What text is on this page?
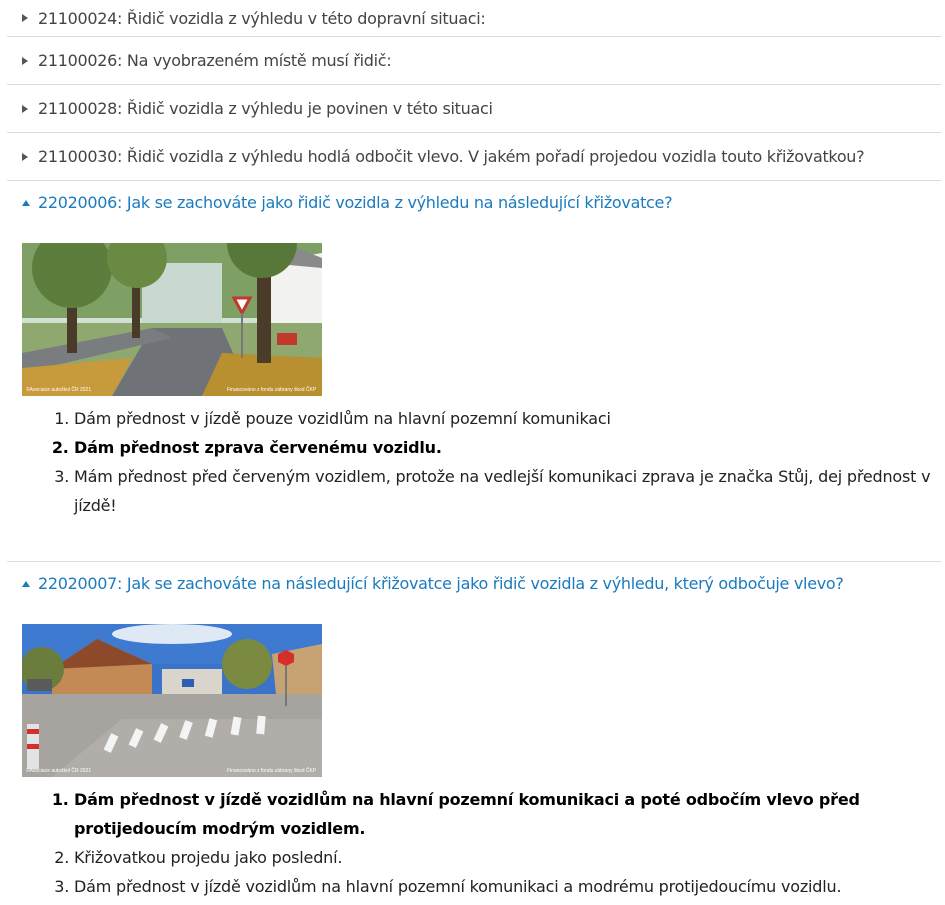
21100024: Řidič vozidla z výhledu v této dopravní situaci:
21100026: Na vyobrazeném místě musí řidič:
21100028: Řidič vozidla z výhledu je povinen v této situaci
21100030: Řidič vozidla z výhledu hodlá odbočit vlevo. V jakém pořadí projedou vozidla touto křižovatkou?
22020006: Jak se zachováte jako řidič vozidla z výhledu na následující křižovatce?
©Asociace autoškol ČR 2021	Financováno z fondu zábrany škod ČKP
1. Dám přednost v jízdě pouze vozidlům na hlavní pozemní komunikaci
2. Dám přednost zprava červenému vozidlu.
3. Mám přednost před červeným vozidlem, protože na vedlejší komunikaci zprava je značka Stůj, dej přednost v jízdě!
22020007: Jak se zachováte na následující křižovatce jako řidič vozidla z výhledu, který odbočuje vlevo?
©Asociace autoškol ČR 2021	Financováno z fondu zábrany škod ČKP
1. Dám přednost v jízdě vozidlům na hlavní pozemní komunikaci a poté odbočím vlevo před protijedoucím modrým vozidlem.
2. Křižovatkou projedu jako poslední.
3. Dám přednost v jízdě vozidlům na hlavní pozemní komunikaci a modrému protijedoucímu vozidlu.
